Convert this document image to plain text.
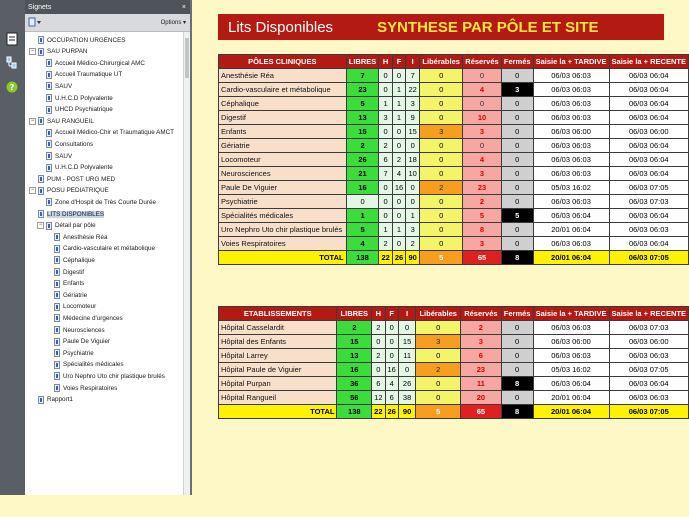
?
Signets	×
Options ▾
OCCUPATION URGENCES
− SAU PURPAN
Accueil Médico-Chirurgical AMC
Accueil Traumatique UT
SAUV
U.H.C.D Polyvalente
UHCD Psychiatrique
− SAU RANGUEIL
Accueil Médico-Chir et Traumatique AMCT
Consultations
SAUV
U.H.C.D Polyvalente
PUM - POST URG MED
− POSU PEDIATRIQUE
Zone d'Hospit de Très Courte Durée
LITS DISPONIBLES
− Détail par pôle
Anesthésie Réa
Cardio-vasculaire et métabolique
Céphalique
Digestif
Enfants
Gériatrie
Locomoteur
Médecine d'urgences
Neurosciences
Paule De Viguier
Psychiatrie
Spécialités médicales
Uro Nephro Uto chir plastique brulés
Voies Respiratoires
Rapport1
Lits Disponibles	SYNTHESE PAR PÔLE ET SITE
PÔLES CLINIQUES	LIBRES	H	F	I	Libérables	Réservés	Fermés	Saisie la + TARDIVE	Saisie la + RECENTE
Anesthésie Réa	7	0	0	7	0	0	0	06/03 06:03	06/03 06:04
Cardio-vasculaire et métabolique	23	0	1	22	0	4	3	06/03 06:03	06/03 06:04
Céphalique	5	1	1	3	0	0	0	06/03 06:03	06/03 06:04
Digestif	13	3	1	9	0	10	0	06/03 06:03	06/03 06:04
Enfants	15	0	0	15	3	3	0	06/03 06:00	06/03 06:00
Gériatrie	2	2	0	0	0	0	0	06/03 06:03	06/03 06:04
Locomoteur	26	6	2	18	0	4	0	06/03 06:03	06/03 06:04
Neurosciences	21	7	4	10	0	3	0	06/03 06:03	06/03 06:04
Paule De Viguier	16	0	16	0	2	23	0	05/03 16:02	06/03 07:05
Psychiatrie	0	0	0	0	0	2	0	06/03 06:03	06/03 07:03
Spécialités médicales	1	0	0	1	0	5	5	06/03 06:04	06/03 06:04
Uro Nephro Uto chir plastique brulés	5	1	1	3	0	8	0	20/01 06:04	06/03 06:03
Voies Respiratoires	4	2	0	2	0	3	0	06/03 06:03	06/03 06:04
TOTAL	138	22	26	90	5	65	8	20/01 06:04	06/03 07:05
ETABLISSEMENTS	LIBRES	H	F	I	Libérables	Réservés	Fermés	Saisie la + TARDIVE	Saisie la + RECENTE
Hôpital Casselardit	2	2	0	0	0	2	0	06/03 06:03	06/03 07:03
Hôpital des Enfants	15	0	0	15	3	3	0	06/03 06:00	06/03 06:00
Hôpital Larrey	13	2	0	11	0	6	0	06/03 06:03	06/03 06:03
Hôpital Paule de Viguier	16	0	16	0	2	23	0	05/03 16:02	06/03 07:05
Hôpital Purpan	36	6	4	26	0	11	8	06/03 06:04	06/03 06:04
Hôpital Rangueil	56	12	6	38	0	20	0	20/01 06:04	06/03 06:03
TOTAL	138	22	26	90	5	65	8	20/01 06:04	06/03 07:05
